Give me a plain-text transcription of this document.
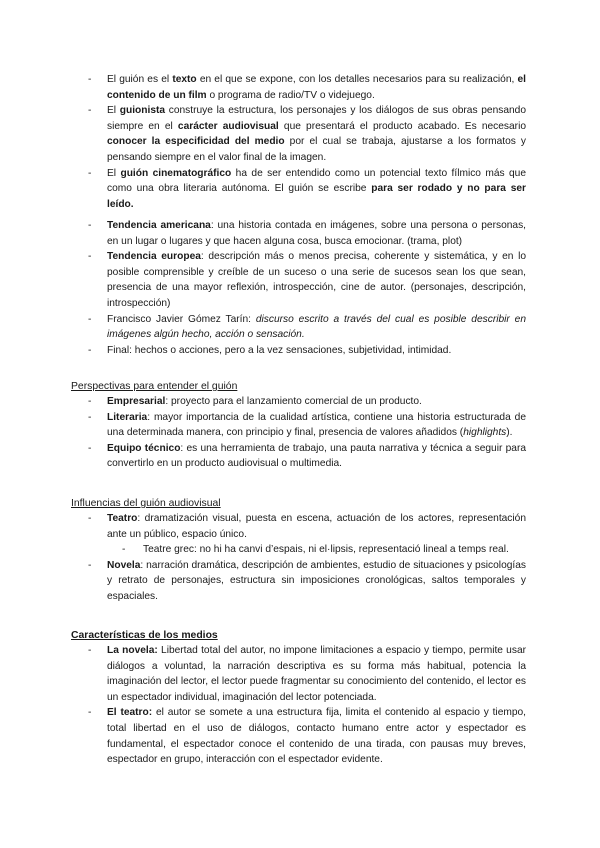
- El guión es el texto en el que se expone, con los detalles necesarios para su realización, el contenido de un film o programa de radio/TV o videjuego.
- El guionista construye la estructura, los personajes y los diálogos de sus obras pensando siempre en el carácter audiovisual que presentará el producto acabado. Es necesario conocer la especificidad del medio por el cual se trabaja, ajustarse a los formatos y pensando siempre en el valor final de la imagen.
- El guión cinematográfico ha de ser entendido como un potencial texto fílmico más que como una obra literaria autónoma. El guión se escribe para ser rodado y no para ser leído.
- Tendencia americana: una historia contada en imágenes, sobre una persona o personas, en un lugar o lugares y que hacen alguna cosa, busca emocionar. (trama, plot)
- Tendencia europea: descripción más o menos precisa, coherente y sistemática, y en lo posible comprensible y creíble de un suceso o una serie de sucesos sean los que sean, presencia de una mayor reflexión, introspección, cine de autor. (personajes, descripción, introspección)
- Francisco Javier Gómez Tarín: discurso escrito a través del cual es posible describir en imágenes algún hecho, acción o sensación.
- Final: hechos o acciones, pero a la vez sensaciones, subjetividad, intimidad.
Perspectivas para entender el guión
- Empresarial: proyecto para el lanzamiento comercial de un producto.
- Literaria: mayor importancia de la cualidad artística, contiene una historia estructurada de una determinada manera, con principio y final, presencia de valores añadidos (highlights).
- Equipo técnico: es una herramienta de trabajo, una pauta narrativa y técnica a seguir para convertirlo en un producto audiovisual o multimedia.
Influencias del guión audiovisual
- Teatro: dramatización visual, puesta en escena, actuación de los actores, representación ante un público, espacio único.
- Teatre grec: no hi ha canvi d’espais, ni el·lipsis, representació lineal a temps real.
- Novela: narración dramática, descripción de ambientes, estudio de situaciones y psicologías y retrato de personajes, estructura sin imposiciones cronológicas, saltos temporales y espaciales.
Características de los medios
- La novela: Libertad total del autor, no impone limitaciones a espacio y tiempo, permite usar diálogos a voluntad, la narración descriptiva es su forma más habitual, potencia la imaginación del lector, el lector puede fragmentar su conocimiento del contenido, el lector es un espectador individual, imaginación del lector potenciada.
- El teatro: el autor se somete a una estructura fija, limita el contenido al espacio y tiempo, total libertad en el uso de diálogos, contacto humano entre actor y espectador es fundamental, el espectador conoce el contenido de una tirada, con pausas muy breves, espectador en grupo, interacción con el espectador evidente.
